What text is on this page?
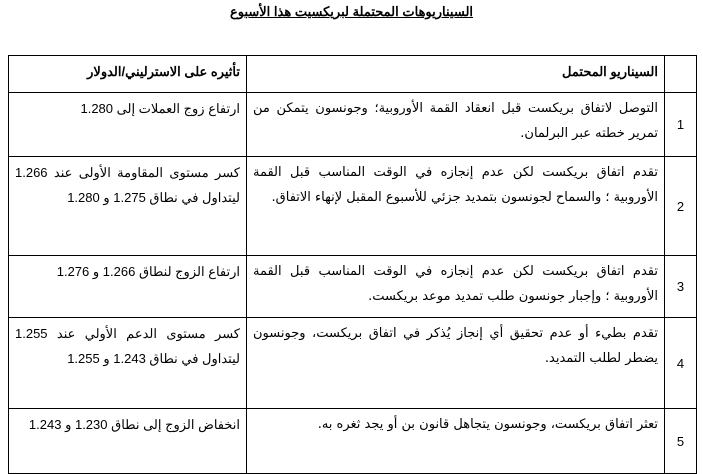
السيناريوهات المحتملة لبريكسيت هذا الأسبوع
	السيناريو المحتمل	تأثيره على الاسترليني/الدولار
1	التوصل لاتفاق بريكست قبل انعقاد القمة الأوروبية؛ وجونسون يتمكن من تمرير خطته عبر البرلمان.	ارتفاع زوج العملات إلى 1.280
2	تقدم اتفاق بريكست لكن عدم إنجازه في الوقت المناسب قبل القمة الأوروبية ؛ والسماح لجونسون بتمديد جزئي للأسبوع المقبل لإنهاء الاتفاق.	كسر مستوى المقاومة الأولى عند 1.266 ليتداول في نطاق 1.275 و 1.280
3	تقدم اتفاق بريكست لكن عدم إنجازه في الوقت المناسب قبل القمة الأوروبية ؛ وإجبار جونسون طلب تمديد موعد بريكست.	ارتفاع الزوج لنطاق 1.266 و 1.276
4	تقدم بطيء أو عدم تحقيق أي إنجاز يُذكر في اتفاق بريكست، وجونسون يضطر لطلب التمديد.	كسر مستوى الدعم الأولي عند 1.255 ليتداول في نطاق 1.243 و 1.255
5	تعثر اتفاق بريكست، وجونسون يتجاهل قانون بن أو يجد ثغره به.	انخفاض الزوج إلى نطاق 1.230 و 1.243
